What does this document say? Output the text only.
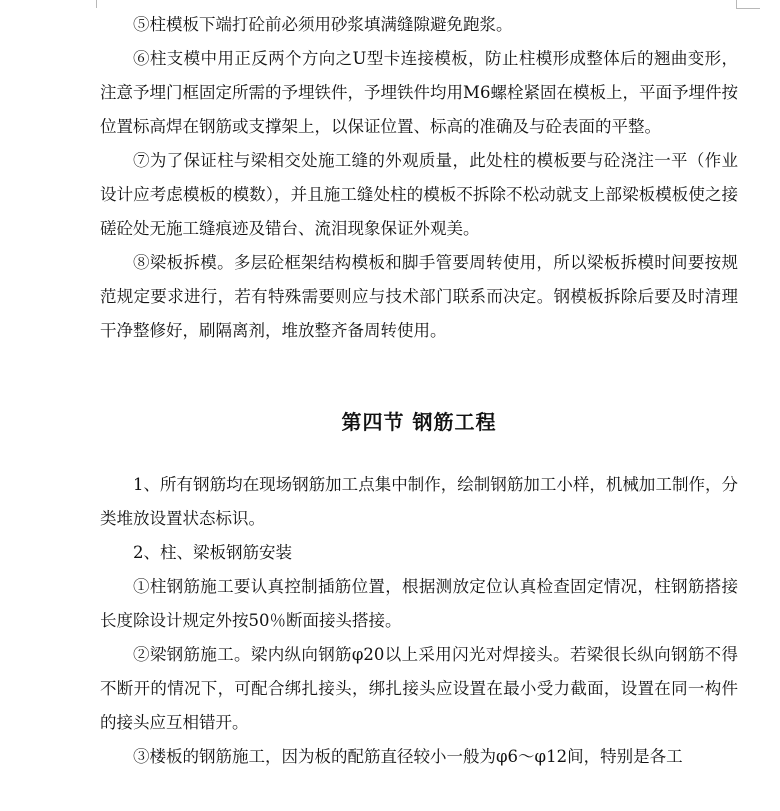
⑤柱模板下端打砼前必须用砂浆填满缝隙避免跑浆。

⑥柱支模中用正反两个方向之U型卡连接模板，防止柱模形成整体后的翘曲变形，注意予埋门框固定所需的予埋铁件，予埋铁件均用M6螺栓紧固在模板上，平面予埋件按位置标高焊在钢筋或支撑架上，以保证位置、标高的准确及与砼表面的平整。

⑦为了保证柱与梁相交处施工缝的外观质量，此处柱的模板要与砼浇注一平（作业设计应考虑模板的模数），并且施工缝处柱的模板不拆除不松动就支上部梁板模板使之接磋砼处无施工缝痕迹及错台、流泪现象保证外观美。

⑧梁板拆模。多层砼框架结构模板和脚手管要周转使用，所以梁板拆模时间要按规范规定要求进行，若有特殊需要则应与技术部门联系而决定。钢模板拆除后要及时清理干净整修好，刷隔离剂，堆放整齐备周转使用。

第四节 钢筋工程

1、所有钢筋均在现场钢筋加工点集中制作，绘制钢筋加工小样，机械加工制作，分类堆放设置状态标识。

2、柱、梁板钢筋安装

①柱钢筋施工要认真控制插筋位置，根据测放定位认真检查固定情况，柱钢筋搭接长度除设计规定外按50％断面接头搭接。

②梁钢筋施工。梁内纵向钢筋φ20以上采用闪光对焊接头。若梁很长纵向钢筋不得不断开的情况下，可配合绑扎接头，绑扎接头应设置在最小受力截面，设置在同一构件的接头应互相错开。

③楼板的钢筋施工，因为板的配筋直径较小一般为φ6～φ12间，特别是各工
